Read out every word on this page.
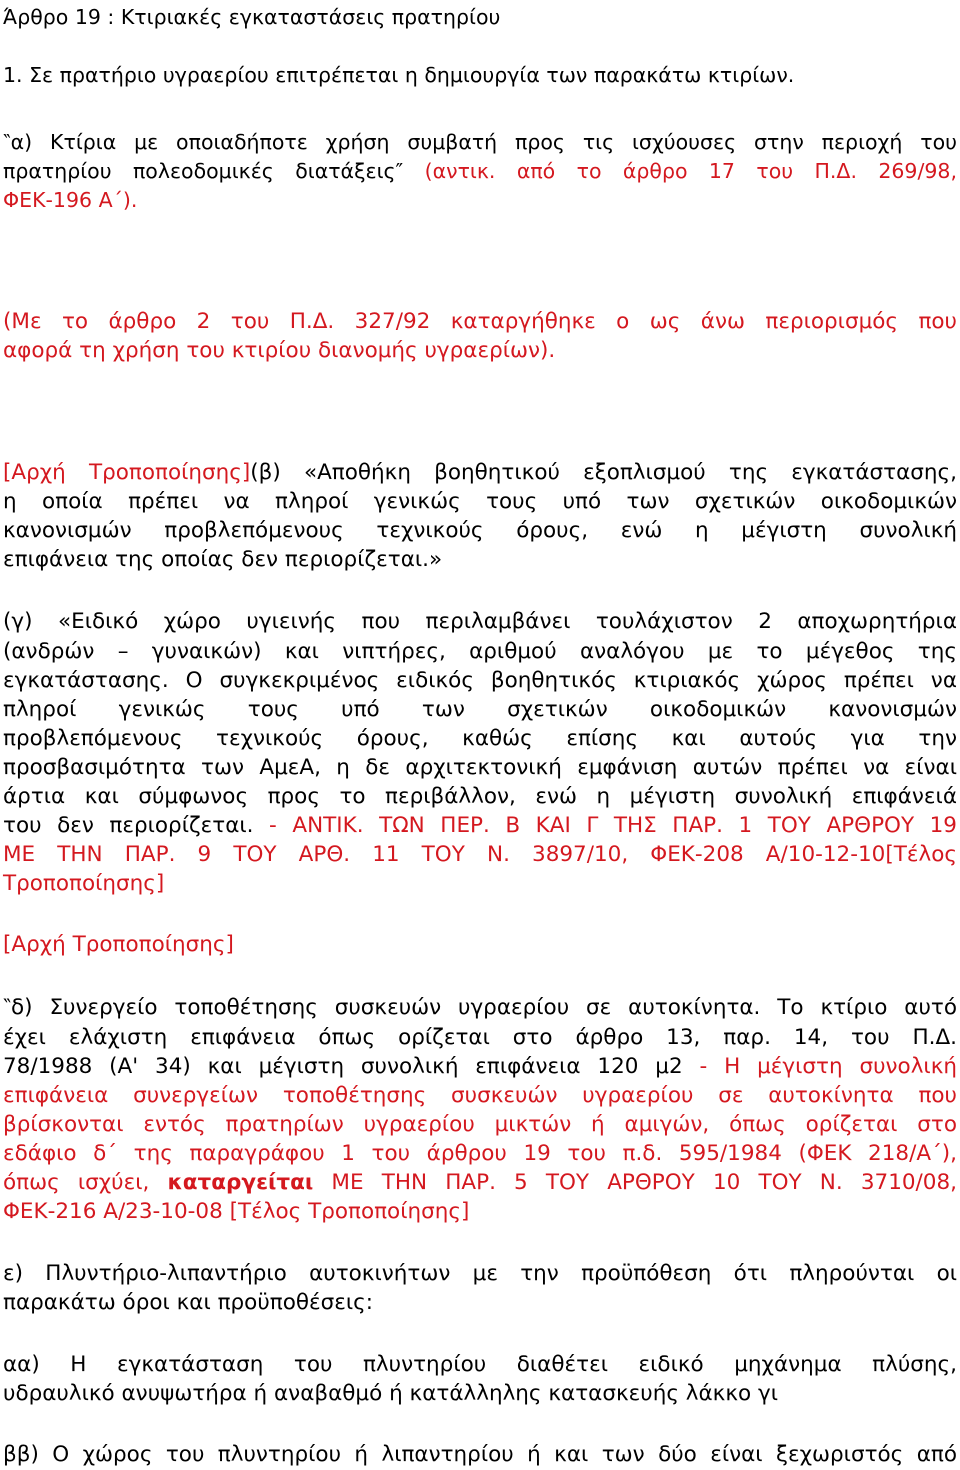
Άρθρο 19 : Κτιριακές εγκαταστάσεις πρατηρίου
1. Σε πρατήριο υγραερίου επιτρέπεται η δημιουργία των παρακάτω κτιρίων.
‶α) Κτίρια με οποιαδήποτε χρήση συμβατή προς τις ισχύουσες στην περιοχή του
πρατηρίου πολεοδομικές διατάξεις″ (αντικ. από το άρθρο 17 του Π.Δ. 269/98,
ΦΕΚ-196 Α΄).
(Με το άρθρο 2 του Π.Δ. 327/92 καταργήθηκε ο ως άνω περιορισμός που
αφορά τη χρήση του κτιρίου διανομής υγραερίων).
[Αρχή Τροποποίησης](β) «Αποθήκη βοηθητικού εξοπλισμού της εγκατάστασης,
η οποία πρέπει να πληροί γενικώς τους υπό των σχετικών οικοδομικών
κανονισμών προβλεπόμενους τεχνικούς όρους, ενώ η μέγιστη συνολική
επιφάνεια της οποίας δεν περιορίζεται.»
(γ) «Ειδικό χώρο υγιεινής που περιλαμβάνει τουλάχιστον 2 αποχωρητήρια
(ανδρών – γυναικών) και νιπτήρες, αριθμού αναλόγου με το μέγεθος της
εγκατάστασης. Ο συγκεκριμένος ειδικός βοηθητικός κτιριακός χώρος πρέπει να
πληροί γενικώς τους υπό των σχετικών οικοδομικών κανονισμών
προβλεπόμενους τεχνικούς όρους, καθώς επίσης και αυτούς για την
προσβασιμότητα των ΑμεΑ, η δε αρχιτεκτονική εμφάνιση αυτών πρέπει να είναι
άρτια και σύμφωνος προς το περιβάλλον, ενώ η μέγιστη συνολική επιφάνειά
του δεν περιορίζεται. - ΑΝΤΙΚ. ΤΩΝ ΠΕΡ. Β ΚΑΙ Γ ΤΗΣ ΠΑΡ. 1 ΤΟΥ ΑΡΘΡΟΥ 19
ΜΕ ΤΗΝ ΠΑΡ. 9 ΤΟΥ ΑΡΘ. 11 ΤΟΥ Ν. 3897/10, ΦΕΚ-208 Α/10-12-10[Τέλος
Τροποποίησης]
[Αρχή Τροποποίησης]
‶δ) Συνεργείο τοποθέτησης συσκευών υγραερίου σε αυτοκίνητα. Το κτίριο αυτό
έχει ελάχιστη επιφάνεια όπως ορίζεται στο άρθρο 13, παρ. 14, του Π.Δ.
78/1988 (Α' 34) και μέγιστη συνολική επιφάνεια 120 μ2 - Η μέγιστη συνολική
επιφάνεια συνεργείων τοποθέτησης συσκευών υγραερίου σε αυτοκίνητα που
βρίσκονται εντός πρατηρίων υγραερίου μικτών ή αμιγών, όπως ορίζεται στο
εδάφιο δ΄ της παραγράφου 1 του άρθρου 19 του π.δ. 595/1984 (ΦΕΚ 218/Α΄),
όπως ισχύει, καταργείται ΜΕ ΤΗΝ ΠΑΡ. 5 ΤΟΥ ΑΡΘΡΟΥ 10 ΤΟΥ Ν. 3710/08,
ΦΕΚ-216 Α/23-10-08 [Τέλος Τροποποίησης]
ε) Πλυντήριο-λιπαντήριο αυτοκινήτων με την προϋπόθεση ότι πληρούνται οι
παρακάτω όροι και προϋποθέσεις:
αα) Η εγκατάσταση του πλυντηρίου διαθέτει ειδικό μηχάνημα πλύσης,
υδραυλικό ανυψωτήρα ή αναβαθμό ή κατάλληλης κατασκευής λάκκο γι
ββ) Ο χώρος του πλυντηρίου ή λιπαντηρίου ή και των δύο είναι ξεχωριστός από
